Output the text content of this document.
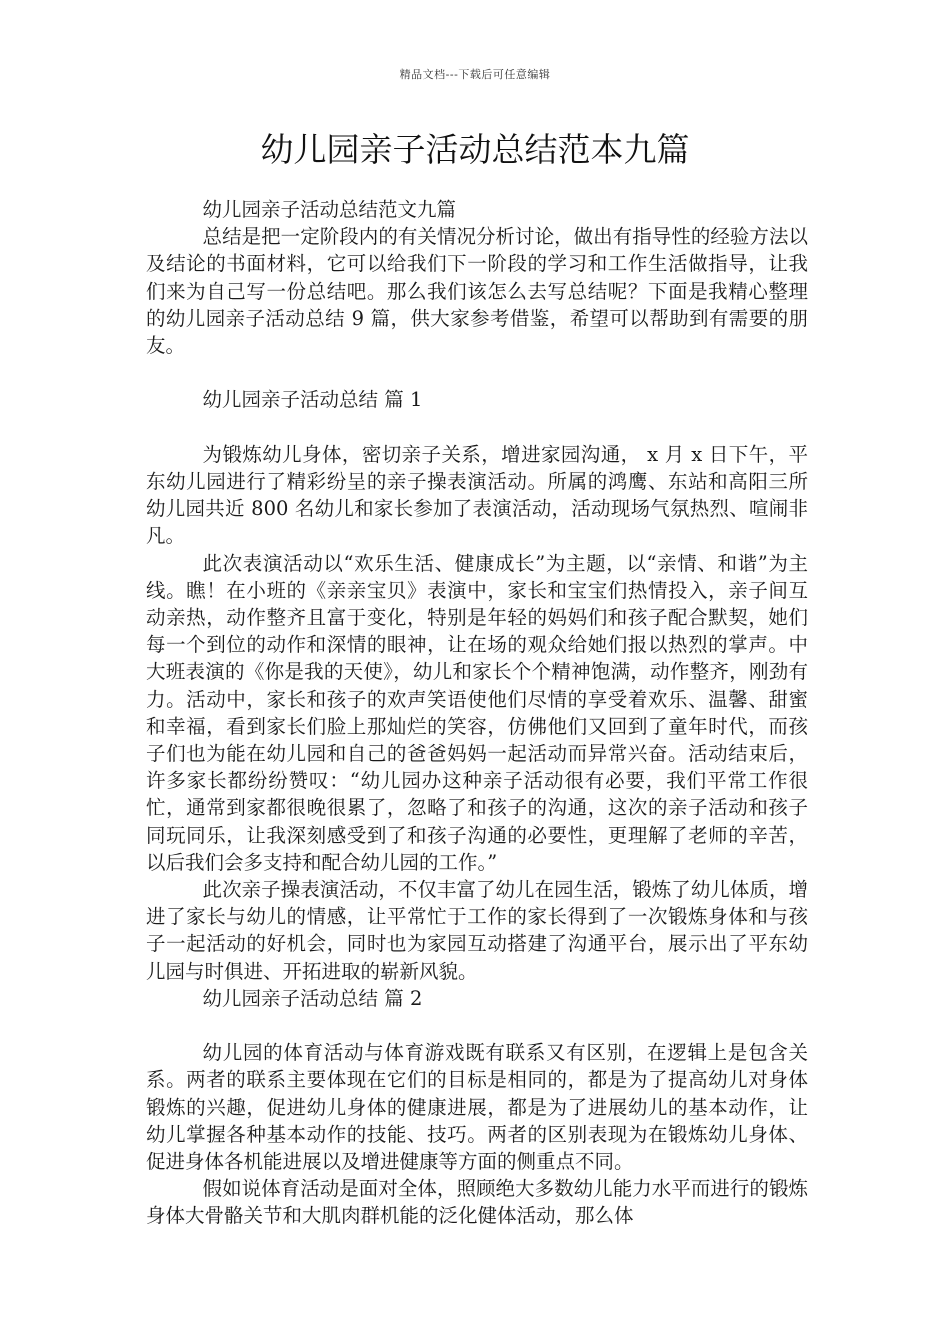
精品文档---下载后可任意编辑
幼儿园亲子活动总结范本九篇

幼儿园亲子活动总结范文九篇

总结是把一定阶段内的有关情况分析讨论，做出有指导性的经验方法以及结论的书面材料，它可以给我们下一阶段的学习和工作生活做指导，让我们来为自己写一份总结吧。那么我们该怎么去写总结呢？下面是我精心整理的幼儿园亲子活动总结 9 篇，供大家参考借鉴，希望可以帮助到有需要的朋友。

幼儿园亲子活动总结 篇 1

为锻炼幼儿身体，密切亲子关系，增进家园沟通， x 月 x 日下午，平东幼儿园进行了精彩纷呈的亲子操表演活动。所属的鸿鹰、东站和高阳三所幼儿园共近 800 名幼儿和家长参加了表演活动，活动现场气氛热烈、喧闹非凡。

此次表演活动以“欢乐生活、健康成长”为主题，以“亲情、和谐”为主线。瞧！在小班的《亲亲宝贝》表演中，家长和宝宝们热情投入，亲子间互动亲热，动作整齐且富于变化，特别是年轻的妈妈们和孩子配合默契，她们每一个到位的动作和深情的眼神，让在场的观众给她们报以热烈的掌声。中大班表演的《你是我的天使》，幼儿和家长个个精神饱满，动作整齐，刚劲有力。活动中，家长和孩子的欢声笑语使他们尽情的享受着欢乐、温馨、甜蜜和幸福，看到家长们脸上那灿烂的笑容，仿佛他们又回到了童年时代，而孩子们也为能在幼儿园和自己的爸爸妈妈一起活动而异常兴奋。活动结束后，许多家长都纷纷赞叹：“幼儿园办这种亲子活动很有必要，我们平常工作很忙，通常到家都很晚很累了，忽略了和孩子的沟通，这次的亲子活动和孩子同玩同乐，让我深刻感受到了和孩子沟通的必要性，更理解了老师的辛苦，以后我们会多支持和配合幼儿园的工作。”

此次亲子操表演活动，不仅丰富了幼儿在园生活，锻炼了幼儿体质，增进了家长与幼儿的情感，让平常忙于工作的家长得到了一次锻炼身体和与孩子一起活动的好机会，同时也为家园互动搭建了沟通平台，展示出了平东幼儿园与时俱进、开拓进取的崭新风貌。

幼儿园亲子活动总结 篇 2

幼儿园的体育活动与体育游戏既有联系又有区别，在逻辑上是包含关系。两者的联系主要体现在它们的目标是相同的，都是为了提高幼儿对身体锻炼的兴趣，促进幼儿身体的健康进展，都是为了进展幼儿的基本动作，让幼儿掌握各种基本动作的技能、技巧。两者的区别表现为在锻炼幼儿身体、促进身体各机能进展以及增进健康等方面的侧重点不同。

假如说体育活动是面对全体，照顾绝大多数幼儿能力水平而进行的锻炼身体大骨骼关节和大肌肉群机能的泛化健体活动，那么体
